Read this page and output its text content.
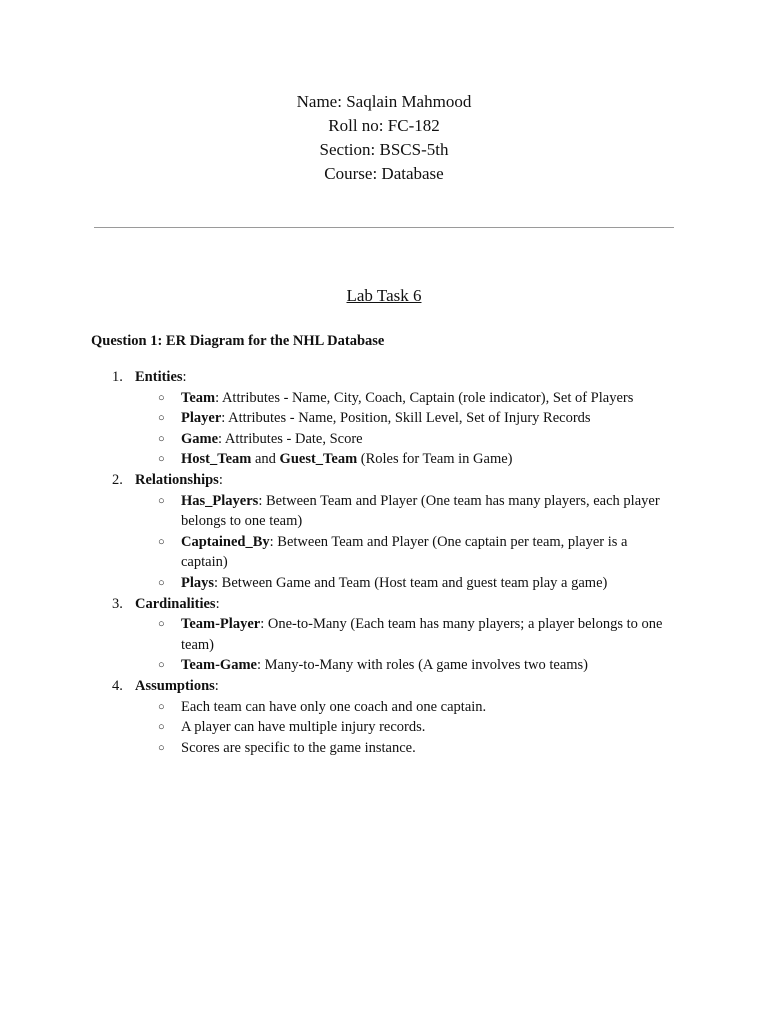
Name: Saqlain Mahmood
Roll no: FC-182
Section: BSCS-5th
Course: Database
Lab Task 6
Question 1: ER Diagram for the NHL Database
1. Entities:
○ Team: Attributes - Name, City, Coach, Captain (role indicator), Set of Players
○ Player: Attributes - Name, Position, Skill Level, Set of Injury Records
○ Game: Attributes - Date, Score
○ Host_Team and Guest_Team (Roles for Team in Game)
2. Relationships:
○ Has_Players: Between Team and Player (One team has many players, each player belongs to one team)
○ Captained_By: Between Team and Player (One captain per team, player is a captain)
○ Plays: Between Game and Team (Host team and guest team play a game)
3. Cardinalities:
○ Team-Player: One-to-Many (Each team has many players; a player belongs to one team)
○ Team-Game: Many-to-Many with roles (A game involves two teams)
4. Assumptions:
○ Each team can have only one coach and one captain.
○ A player can have multiple injury records.
○ Scores are specific to the game instance.
